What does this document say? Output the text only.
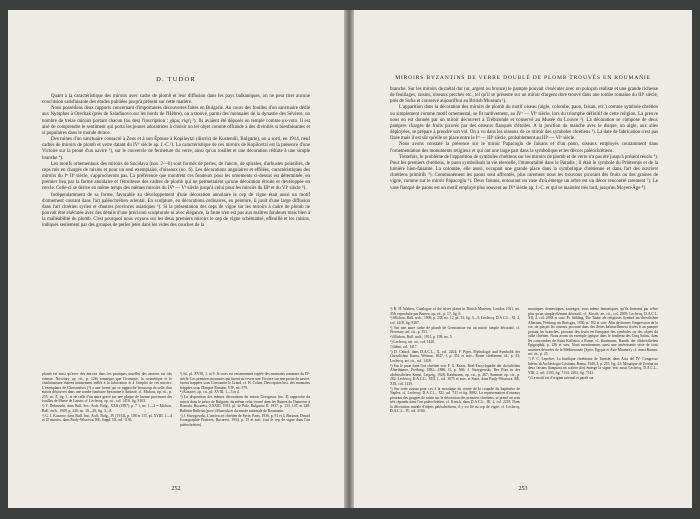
D. TUDOR

Quant à la caractéristique des miroirs avec cadre de plomb et leur diffusion dans les pays balkaniques, on ne peut tirer aucune conclusion satisfaisante des études publiées jusqu'à présent sur cette matière.

Nous possédons deux rapports concernant d'importantes découvertes faites en Bulgarie. Au cours des fouilles d'un sanctuaire dédié aux Nymphes à Orechak (près de Saladinovo sur les bords de l'Hèbre), on a trouvé, parmi des monnaies de la dynastie des Sévères, un nombre de treize miroirs portant chacun (ou des) l'inscription : χάρις εὐχή ¹). Ils avaient été déposés en temple comme ex-voto. Il est aisé de comprendre le sentiment qui porta les jeunes adoratrices à choisir un tel objet comme offrande à des divinités si bienfaisantes et si populaires dans le monde thrace.

Des ruines d'un sanctuaire consacré à Zeus et à son Épouse à Kopilovtzi (district de Kustendil, Bulgarie), on a sorti, en 1914, neuf cadres de miroirs de plomb et verre datant du IVᵉ siècle ap. J.-C.²). La caractéristique de ces miroirs de Kopilovtzi est la présence d'une Victoire sur la proue d'un navire ³), sur le couvercle de fermeture du verre, ainsi qu'un rosillet et une décoration réduite à une simple branche ⁴).

Les motifs ornementaux des miroirs de Sucidava (nos. 2—6) sont formés de perles, de l'ancre, de spirales, d'arbustes pointillés, de ceps mis en chargés de raisins et pour un seul exemplaire, d'oiseaux (no. 6). Les décorations angulaires et effilées, caractéristiques des miroirs du Iᵉʳ IIᵉ siècle, s'approcheront pas. La préférence que montrent ces fondeurs pour les ornements ci-dessus est déterminée, en premier lieu par la forme annulaire et l'étroitesse des cadres de plomb qui ne permettaient qu'une décoration étroite et développée en cercle. Celle-ci se dérive en même temps des mêmes miroirs du IVᵉ — Vᵉ siècle jusqu'à celui pour les miroirs du IIIᵉ et du VIᵉ siècle ⁵).

Indépendamment de sa forme, favorable au développement d'une décoration annulaire le cep de vigne était aussi un motif d'ornement courant dans l'art paléochrétien oriental. En sculpture, en décorations ordinaires, en peinture, il jouit d'une large diffusion dans l'art chrétien syrien et d'autres provinces asiatiques ⁶). Si la présentation des ceps de vigne sur les miroirs à cadre de plomb ne pouvait être exécutée avec des détails d'une précision sculpturale ni avec élégance, la faute n'en est pas aux maîtres fondeurs mais bien à la malléabilité du plomb. C'est pourquoi nous voyons sur les deux premiers miroirs le cep de vigne schématisé, effeuillé et les raisins, indiqués seulement par des groupes de perles jetés dans les vides des couches de la

plomb est ainsi qu'avec des miroirs dans les pratiques usuelles des anciens est très connue. Novotary op. cit., p. 126) remarque que l'iconique, la cosmétique et le charlatanisme étaient intimement mêlés à la fabrication et à l'emploi de ces miroirs. L'exemplaire de Chersonèsos (?) a une forme qui se rapproche beaucoup de celle d'un miroir découvert dans une tombe funéraire byzantine à Antinoé, cf. Michon, op. cit., p. 255, no. 8, fig. 1, et de celle d'un autre gravé sur une plaque de bronze provenant des fouilles de Muete de Latran, cf. Leclercq, op. cit., col. 1416, fig. 8163.

¹) V. Dobrusehi, dans Bull. Soc. Arch. Bulg., XXII (1897), p. 7 1, no. 1—3 = Michon, Bull. arch., 1909, p. 240, no. 18—20, fig. 3—8.

²) G. I. Kazarov, dans Bull. Inst. Arch. Bulg., IV (1914), p. 108 et 115, pl. XVIII, 1—4 et 10 miroirs, dans Pauly-Wissowa, RE, Suppl. III, col. 1136.

³) Id., pl. XVIII, 1, et 9. Je crois est certainement copiée des monnaies romaines du IVᵉ siècle. Les premiers monnaies qui furent au revers une Victoire sur une proue de navire, furent frappées sous Constantin le Grand, cf. H. Cohen, Description hist. des monnaies frappées sous l'Empire Romain, VII², no. 579.

⁴) Kazarov, op. cit., pl. XVIII, 1—3 et 4.

⁵) La disposition des mêmes décorations du miroir Georgescu (no. 4) rapproche du miroir dans le trésor de Bulgarie, du même celui trouvé dans les Ruines du Danuvius à Romula, Bucarest, XXXIII, 1933, pl. de Pulz, Bulgaria; II, 1917, p. 133, 147, et 248. Bulletin Bulletin (prov.) Muzeulu et du musée nationale de Roumanie.

⁶) J. Strzygowski, L'ancien art chrétien de Syrie, Paris, 1936, p. 91 et 3. Bartoux, Dawid Iconographie Pentcres, Bucarest, 1934, p. 15 et suiv. (sur le cep de vigne dans l'art paléochrétien).

252
MIROIRS BYZANTINS DE VERRE DOUBLÉ DE PLOMB TROUVÉS EN ROUMANIE

branche. Sur les miroirs de métal dur (or, argent ou bronze) le pampre pouvait s'exécuter avec un poinçon réaliste et une grande richesse de feuillages, raisins, oiseaux perchés etc., tel qu'il se présente sur un miroir d'argent doré trouvé dans une tombe romaine du IIIᵉ siècle, près de Sofia et conservé aujourd'hui au British Museum ¹).

L'apparition dans la décoration des miroirs de plomb du motif oiseau (aigle, colombe, paon, faisan, etc.) comme symbole chrétien ou simplement comme motif ornemental, se fit tardivement, au IVᵉ — VIᵉ siècle, lors du triomphe définitif de cette religion. La preuve nous en est donnée par un miroir découvert à Trébizonde et conservé au Musée du Louvre ²). La décoration se compose de deux pampres chargés de fruits picorés par des oiseaux flanqués d'étoiles. A la jonction du manche avec le disque, un aigle, aux ailes déployées, se prépare à prendre son vol. On a vu dans les oiseaux de ce miroir des symboles chrétiens ³). La date de fabrication n'est pas fixée mais il est sûr qu'elle se place entre le Iᵉʳ — IIIᵉ siècle, probablement au IIIᵉ — VIᵉ siècle.

Nous avons constaté la présence sur le miroir Papacoglu de faisans et d'un paon, oiseaux employés couramment dans l'ornementation des monuments religieux et qui ont une large part dans la symbolique et les décors paléochrétiens.

Toutefois, le problème de l'apparition de symboles chrétiens sur les miroirs de plomb et de verre n'a pas été jusqu'à présent résolu ⁴). Pour les premiers chrétiens, le paon symbolisait la vie éternelle, l'immortalité dans le Paradis ; il était le symbole du Printemps et de la lumière bien-faisante. La colombe, elle aussi, occupait une grande place dans la symbolique chrétienne et dans l'art des ouvriers chrétiens primitifs ⁵). Communément les paons sont affrontés, plus rarement nous les trouvons picorant des fruits ou des graines de vigne, comme sur le miroir Papacoglu ⁶). Deux faisans, entourant un vase d'où émerge un arbre est un décor rencontré rarement ⁷). Le vase flanqué de paons est un motif employé plus souvent au IVᵉ siècle ap. J.-C. et qui se maintint très tard, jusqu'au Moyen-Âge ⁸).

¹) B. H. Walters, Catalogue of the silver plates in British Museum, London 1921, no. 356, reproduite par Barnea, op. cit., p. 17, fig. 6.

²) Michon, Bull. arch., 1909, p. 238, no. 12, pl. 13, fig. 3—5; Leclercq, D.A.C.L., XI, 2, col. 1418, fig. 8167.

³) Sur une autre cadre de plomb de Germanicae est un miroir simple décoratif, cf. Novotary, art. cit., p. 151.

⁴) Michon, Bull. arch., 1911, p. 198, no. 5.

⁵) Leclercq, art. cit., col. 1420.

⁶) Idem, col. 1417.

⁷) D. Cabrol, dans D.A.C.L., X, col. 2204; F. Piper, Mythologie und Symbolik der Christlichen Kunst, Weimar, 1847, I, p. 351 et suiv.; Rome chrétienne, id., p. 33; Leclercq, art. cit., col. 1418.

⁸) Sur le paon dans l'art chrétien voir F. X. Kraus, Real-Encyclopädie der christlichen Alterthümer, Freiburg, 1882—1886, II, p. 566; J. Strzygowski, Der Pfau in der altchristlichen Kunst, Leipzig, 1928; Kaufmann, op. cit., p. 267; Sommer op. cit., p. 282; Leclercq, D.A.C.L., XIII, 1, col. 1075 et suiv. et Suire, dans Pauly-Wissowa, RE, XIX, col. 1419.

⁹) Sur cette oiseau pour ces à la mosaïque du centre de la coupole du baptistère de Naples, cf. Leclercq, D.A.C.L., XII, col. 741 et fig. 8892. La représentation d'oiseaux picorant des grappes de raisin sur la décoration des premiers chrétiens, se prend un sens très répandu dans l'art paléochrétien, cf. Kirsch, dans D.A.C.L., III, 2, col. 2218. Dans la décoration murale d'objets paléochrétiens, il y est lié au cep de vigne, cf. Leclercq, D.A.C.L., IV, col. 2184.

mosaïques domestiques, sauvages, vous même fantastiques, qu'ils finissent par n'être plus qu'un simple élément décoratif, cf. Kirsch, art. cit., col. 2309; Leclercq, D.A.C.L. XII, 2, col. 2038 et suiv. Fr. Sühling, Die Taube als religiöses Symbol im christlichen Altertum, Freiburg im Breisgau, 1930, p. 102 et suiv. Afin de donner l'impression de la vie, on plaçait les oiseaux picorant dans des fleurs habituellement fixées à un pampre portant les branches, picorant des fruits en flanquant des symboles ou des objets du culte chrétien. Nous avons un exemple typique dans le tombeau des Cinq Saints, dans les catacombes de Saint Kallixtos à Rome, cf. Kaufmann, Handb. der altchristlichen Epigraphik, p. 236 et suiv. Nous mentionnons aussi une intéressante série de trois assiettes décorées de la Méditerranée (Syrie, Egypte et Asie Mineure), cf. aussi Barnea, art. cit., p. 25.

⁷) P. C. Leprêtre, La basilique chrétienne de Tunisie, dans Acta del IVᵉ Congresso Intern. di Archeologia Cristiana, Roma, 1940, I, p. 255, fig. 22; Mosaïque de Foréna un deux faisans flanquant un cratère d'où émerge la vigne, voir aussi Leclercq, D.A.C.L., VIII, 2, col. 2193, fig. 7134; 2202, fig. 7143.

⁸) Le motif est d'origine oriental et paraît sur

253
